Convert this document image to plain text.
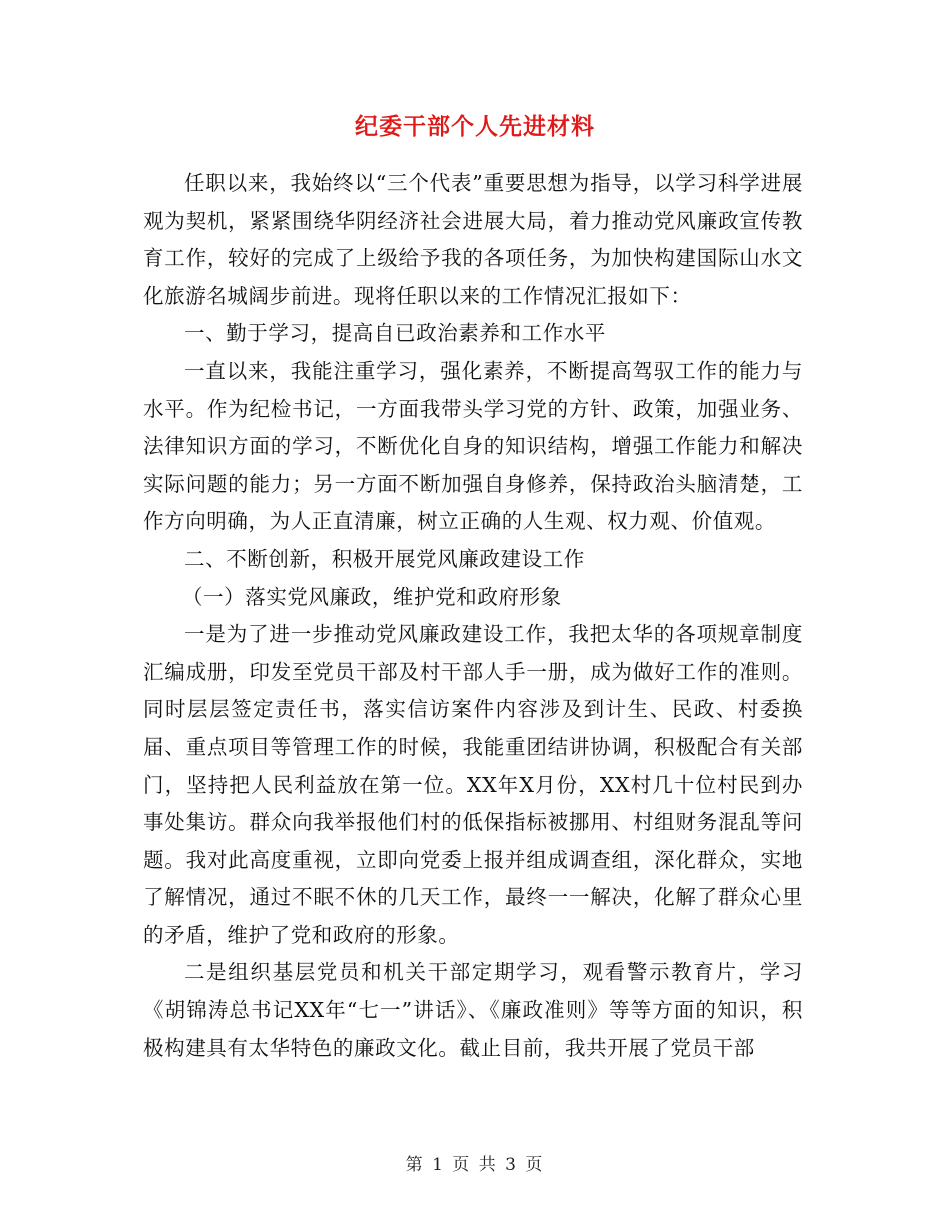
纪委干部个人先进材料

任职以来，我始终以“三个代表”重要思想为指导，以学习科学进展观为契机，紧紧围绕华阴经济社会进展大局，着力推动党风廉政宣传教育工作，较好的完成了上级给予我的各项任务，为加快构建国际山水文化旅游名城阔步前进。现将任职以来的工作情况汇报如下：

一、勤于学习，提高自已政治素养和工作水平

一直以来，我能注重学习，强化素养，不断提高驾驭工作的能力与水平。作为纪检书记，一方面我带头学习党的方针、政策，加强业务、法律知识方面的学习，不断优化自身的知识结构，增强工作能力和解决实际问题的能力；另一方面不断加强自身修养，保持政治头脑清楚，工作方向明确，为人正直清廉，树立正确的人生观、权力观、价值观。

二、不断创新，积极开展党风廉政建设工作

（一）落实党风廉政，维护党和政府形象

一是为了进一步推动党风廉政建设工作，我把太华的各项规章制度汇编成册，印发至党员干部及村干部人手一册，成为做好工作的准则。同时层层签定责任书，落实信访案件内容涉及到计生、民政、村委换届、重点项目等管理工作的时候，我能重团结讲协调，积极配合有关部门，坚持把人民利益放在第一位。XX年X月份，XX村几十位村民到办事处集访。群众向我举报他们村的低保指标被挪用、村组财务混乱等问题。我对此高度重视，立即向党委上报并组成调查组，深化群众，实地了解情况，通过不眠不休的几天工作，最终一一解决，化解了群众心里的矛盾，维护了党和政府的形象。

二是组织基层党员和机关干部定期学习，观看警示教育片，学习《胡锦涛总书记XX年“七一”讲话》、《廉政准则》等等方面的知识，积极构建具有太华特色的廉政文化。截止目前，我共开展了党员干部

第 1 页 共 3 页
